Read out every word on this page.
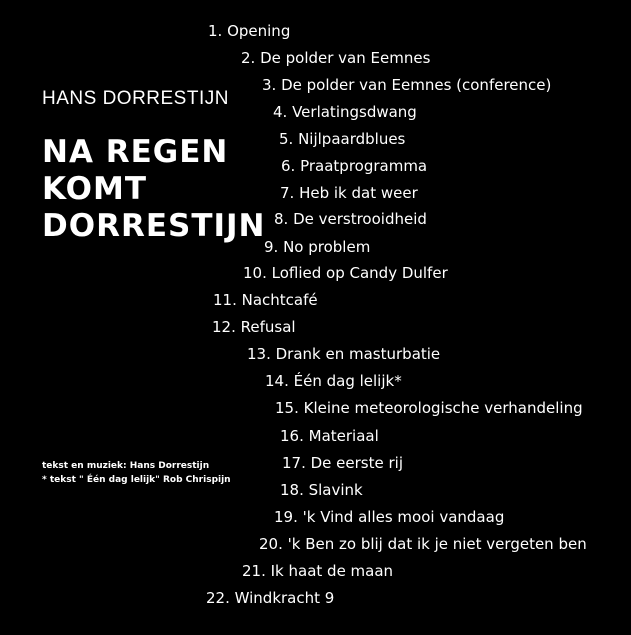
HANS DORRESTIJN
NA REGEN
KOMT
DORRESTIJN
tekst en muziek: Hans Dorrestijn
* tekst " Één dag lelijk" Rob Chrispijn
1. Opening
2. De polder van Eemnes
3. De polder van Eemnes (conference)
4. Verlatingsdwang
5. Nijlpaardblues
6. Praatprogramma
7. Heb ik dat weer
8. De verstrooidheid
9. No problem
10. Loflied op Candy Dulfer
11. Nachtcafé
12. Refusal
13. Drank en masturbatie
14. Één dag lelijk*
15. Kleine meteorologische verhandeling
16. Materiaal
17. De eerste rij
18. Slavink
19. 'k Vind alles mooi vandaag
20. 'k Ben zo blij dat ik je niet vergeten ben
21. Ik haat de maan
22. Windkracht 9
